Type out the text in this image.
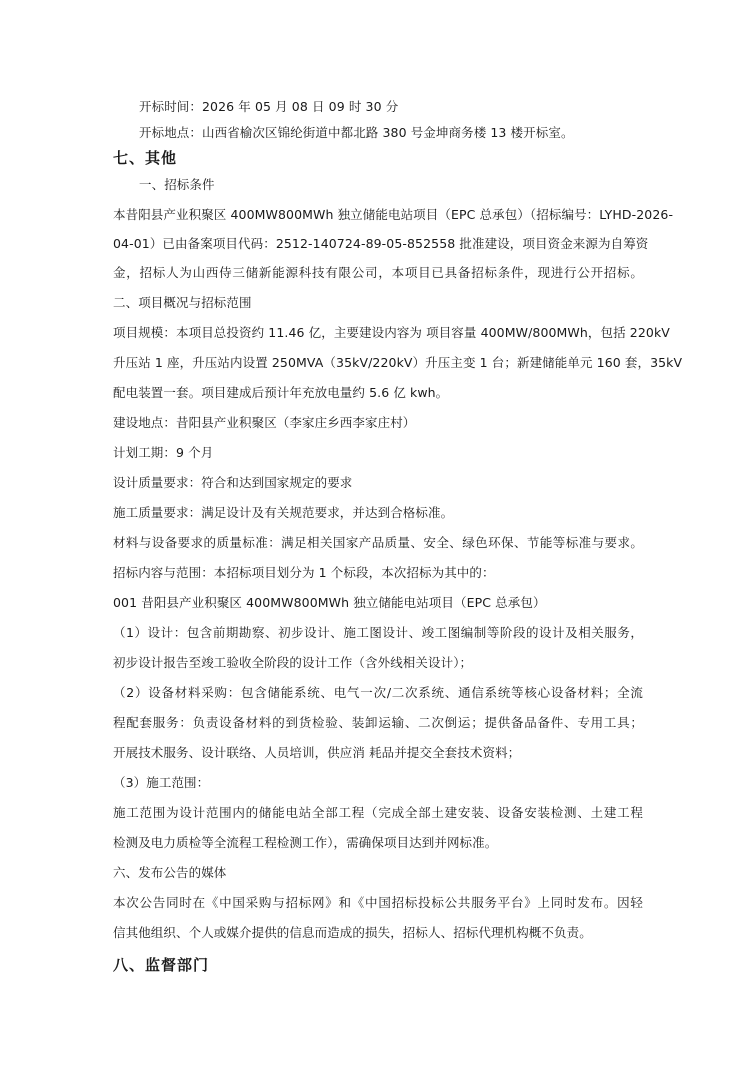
开标时间：2026 年 05 月 08 日 09 时 30 分
开标地点：山西省榆次区锦纶街道中都北路 380 号金坤商务楼 13 楼开标室。
七、其他
一、招标条件
本昔阳县产业积聚区 400MW800MWh 独立储能电站项目（EPC 总承包）（招标编号：LYHD-2026-
04-01）已由备案项目代码：2512-140724-89-05-852558 批准建设，项目资金来源为自筹资
金，招标人为山西侍三储新能源科技有限公司，本项目已具备招标条件，现进行公开招标。
二、项目概况与招标范围
项目规模：本项目总投资约 11.46 亿，主要建设内容为 项目容量 400MW/800MWh，包括 220kV
升压站 1 座，升压站内设置 250MVA（35kV/220kV）升压主变 1 台；新建储能单元 160 套，35kV
配电装置一套。项目建成后预计年充放电量约 5.6 亿 kwh。
建设地点：昔阳县产业积聚区（李家庄乡西李家庄村）
计划工期：9 个月
设计质量要求：符合和达到国家规定的要求
施工质量要求：满足设计及有关规范要求，并达到合格标准。
材料与设备要求的质量标准：满足相关国家产品质量、安全、绿色环保、节能等标准与要求。
招标内容与范围：本招标项目划分为 1 个标段，本次招标为其中的：
001 昔阳县产业积聚区 400MW800MWh 独立储能电站项目（EPC 总承包）
（1）设计：包含前期勘察、初步设计、施工图设计、竣工图编制等阶段的设计及相关服务，
初步设计报告至竣工验收全阶段的设计工作（含外线相关设计）；
（2）设备材料采购：包含储能系统、电气一次/二次系统、通信系统等核心设备材料；全流
程配套服务：负责设备材料的到货检验、装卸运输、二次倒运；提供备品备件、专用工具；
开展技术服务、设计联络、人员培训，供应消 耗品并提交全套技术资料；
（3）施工范围：
施工范围为设计范围内的储能电站全部工程（完成全部土建安装、设备安装检测、土建工程
检测及电力质检等全流程工程检测工作），需确保项目达到并网标准。
六、发布公告的媒体
本次公告同时在《中国采购与招标网》和《中国招标投标公共服务平台》上同时发布。因轻
信其他组织、个人或媒介提供的信息而造成的损失，招标人、招标代理机构概不负责。
八、监督部门
